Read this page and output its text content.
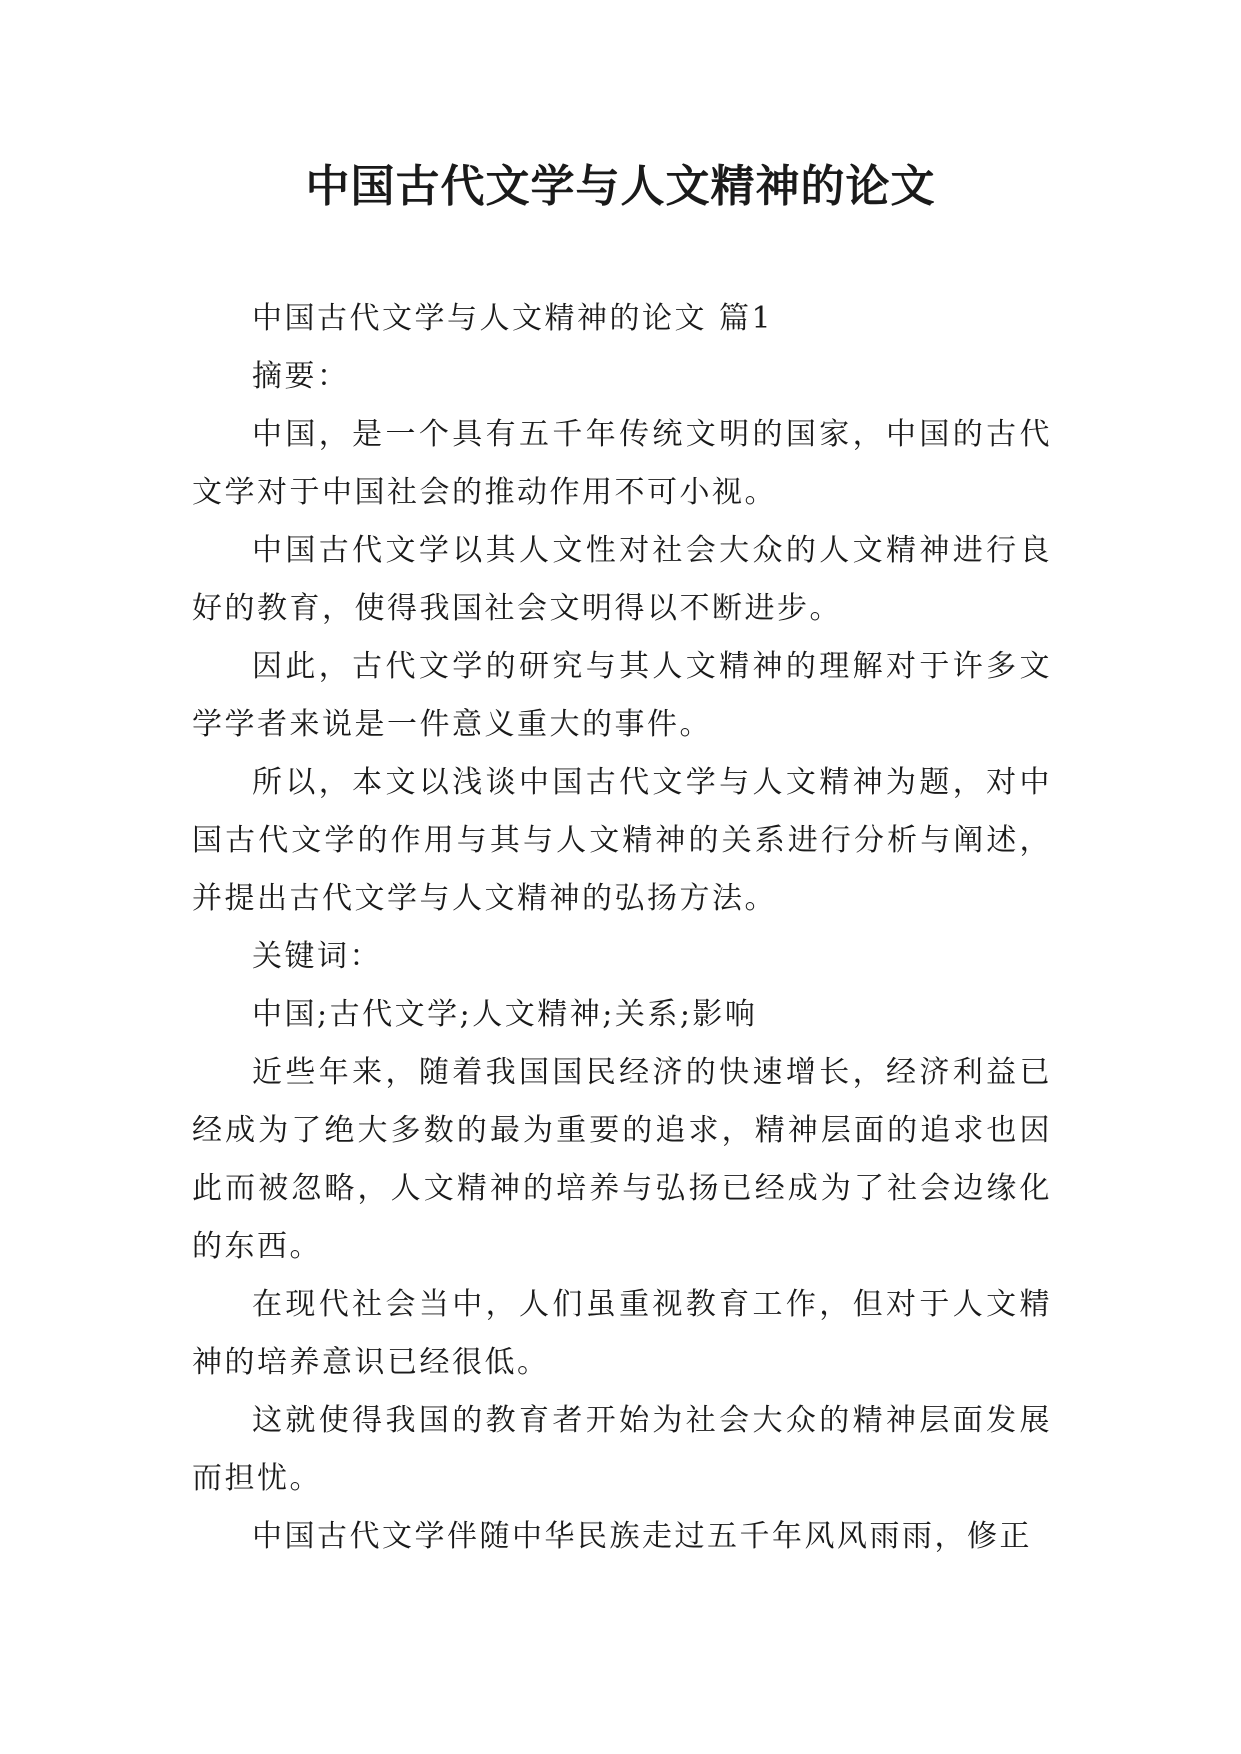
中国古代文学与人文精神的论文

中国古代文学与人文精神的论文 篇1

摘要：

中国，是一个具有五千年传统文明的国家，中国的古代文学对于中国社会的推动作用不可小视。

中国古代文学以其人文性对社会大众的人文精神进行良好的教育，使得我国社会文明得以不断进步。

因此，古代文学的研究与其人文精神的理解对于许多文学学者来说是一件意义重大的事件。

所以，本文以浅谈中国古代文学与人文精神为题，对中国古代文学的作用与其与人文精神的关系进行分析与阐述，并提出古代文学与人文精神的弘扬方法。

关键词：

中国;古代文学;人文精神;关系;影响

近些年来，随着我国国民经济的快速增长，经济利益已经成为了绝大多数的最为重要的追求，精神层面的追求也因此而被忽略，人文精神的培养与弘扬已经成为了社会边缘化的东西。

在现代社会当中，人们虽重视教育工作，但对于人文精神的培养意识已经很低。

这就使得我国的教育者开始为社会大众的精神层面发展而担忧。

中国古代文学伴随中华民族走过五千年风风雨雨，修正
